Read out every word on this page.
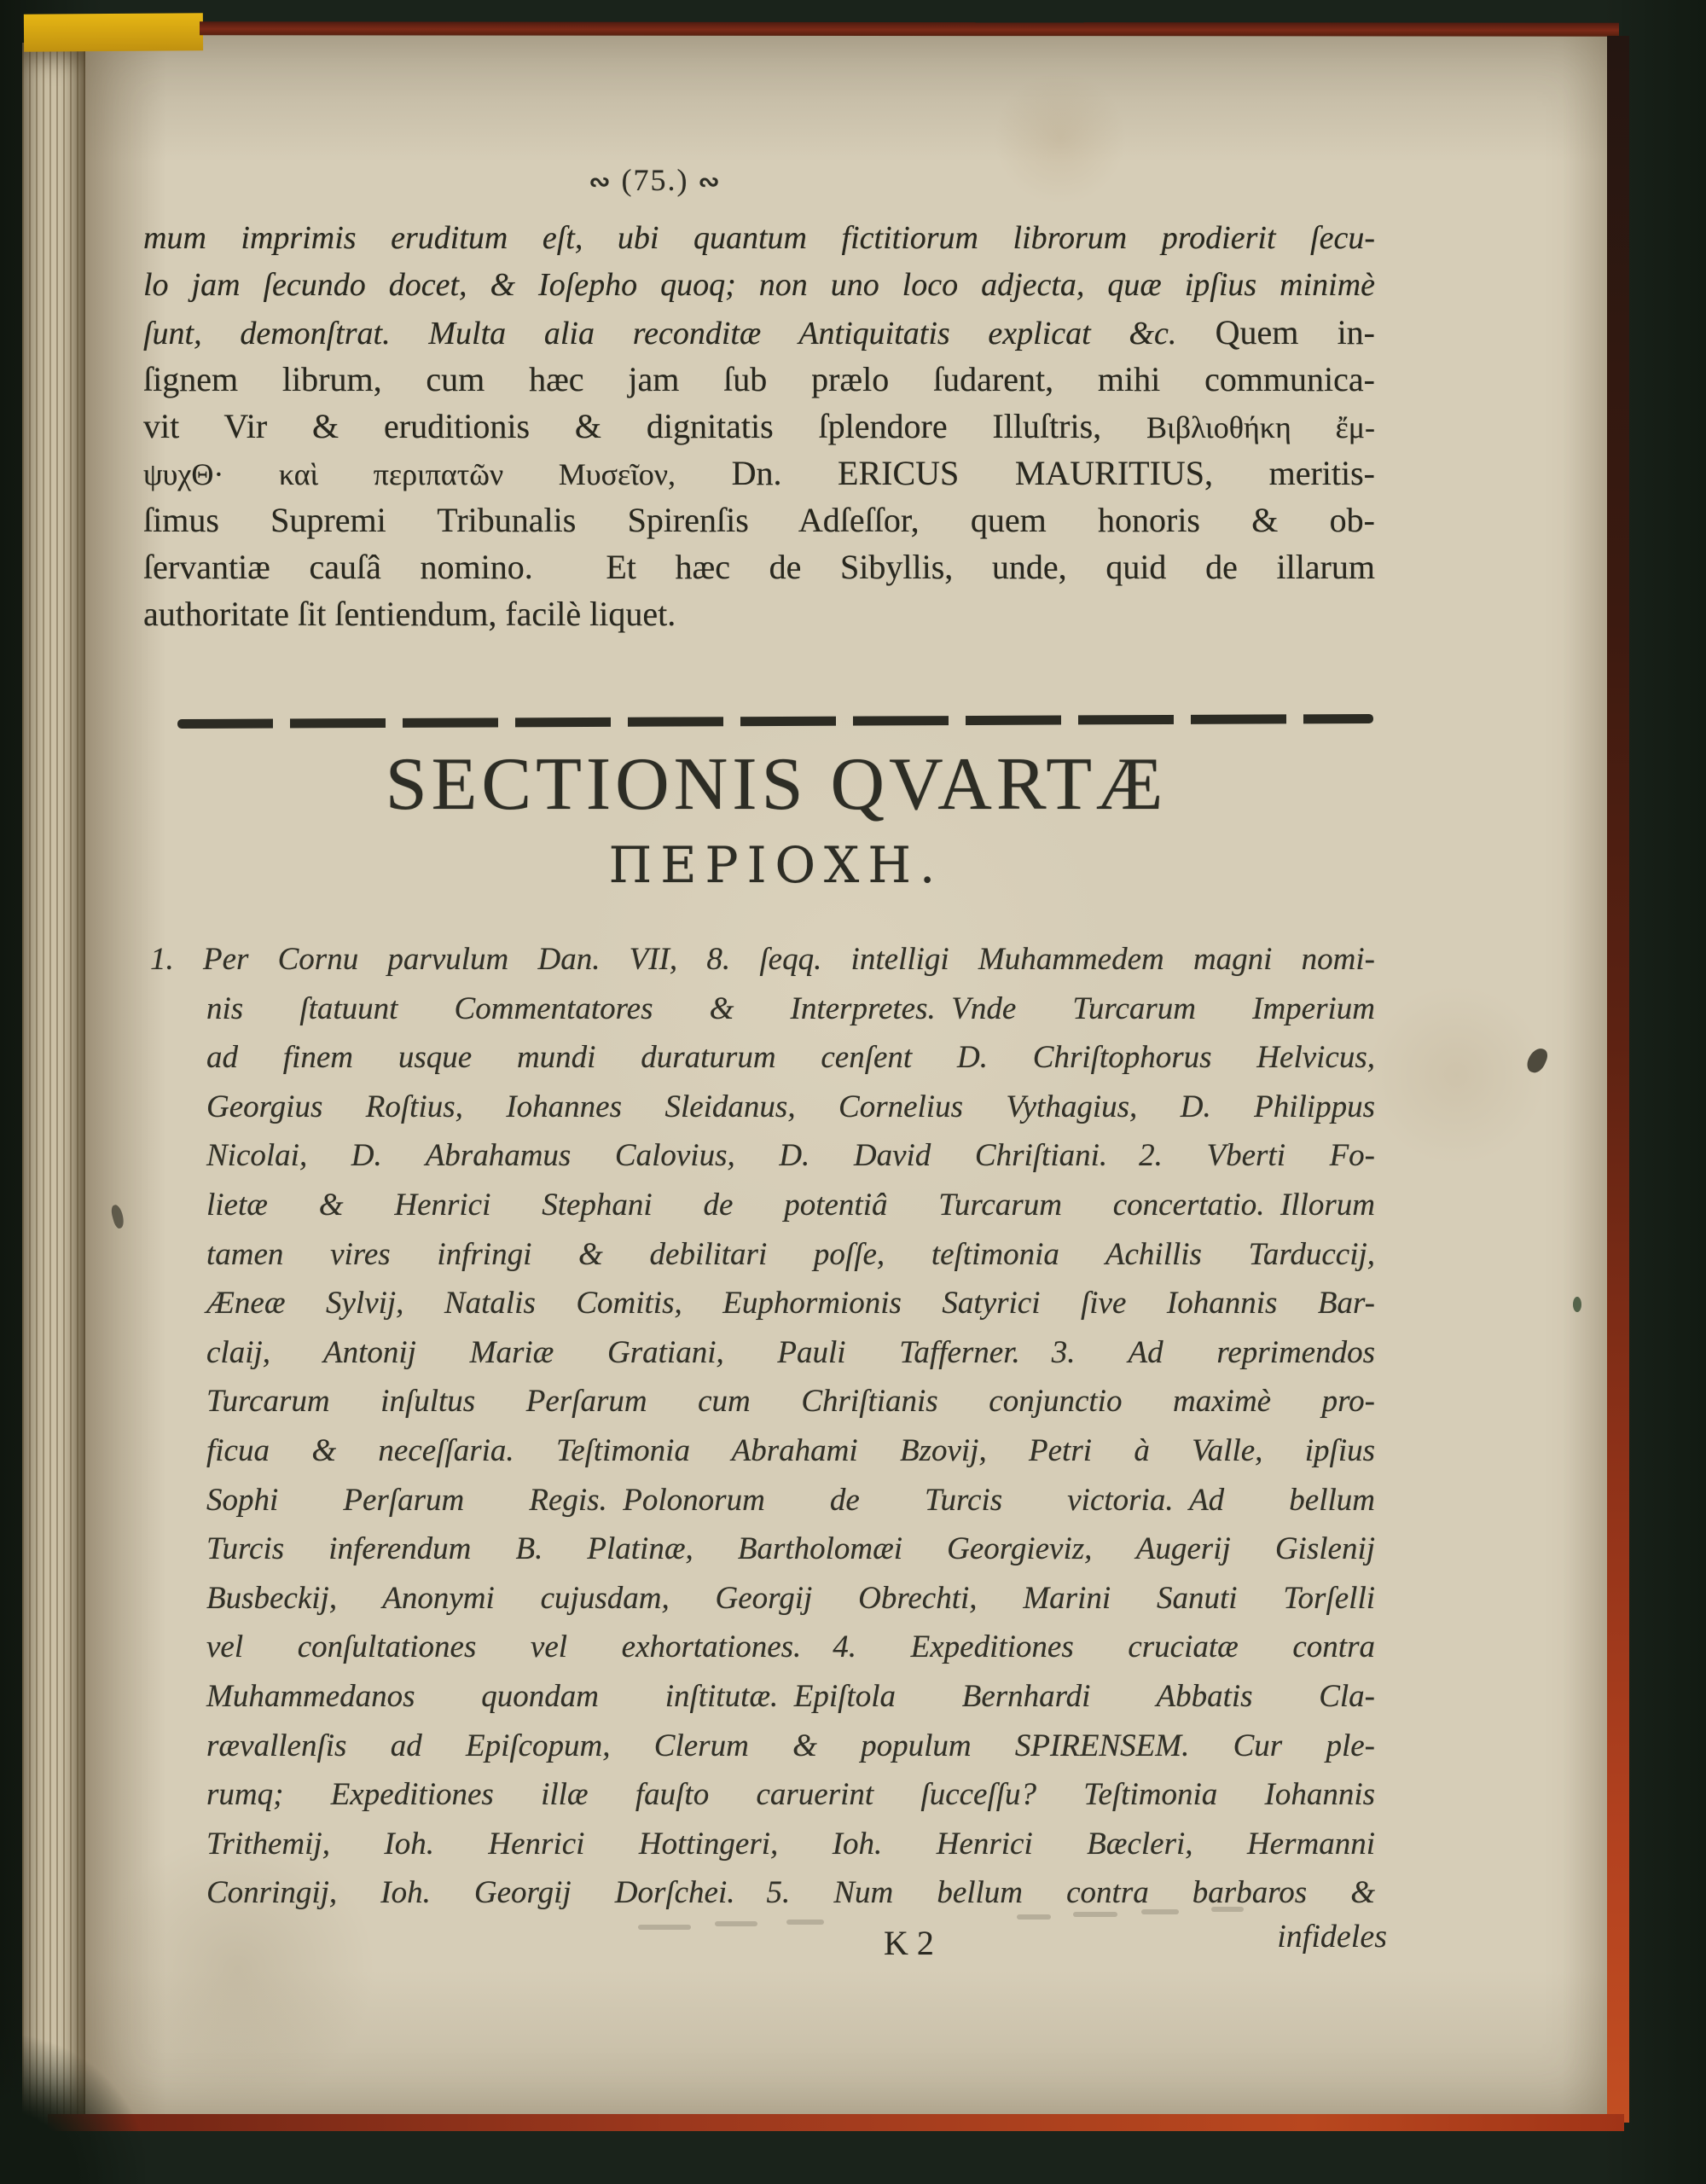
∾ (75.) ∾
mum imprimis eruditum eſt, ubi quantum fictitiorum librorum prodierit ſecu-
lo jam ſecundo docet, & Ioſepho quoq; non uno loco adjecta, quæ ipſius minimè
ſunt, demonſtrat. Multa alia reconditæ Antiquitatis explicat &c. Quem in-
ſignem librum, cum hæc jam ſub prælo ſudarent, mihi communica-
vit Vir & eruditionis & dignitatis ſplendore Illuſtris, Βιβλιοθήκη ἔμ-
ψυχΘ· καὶ περιπατῶν Μυσεῖον, Dn. ERICUS MAURITIUS, meritis-
ſimus Supremi Tribunalis Spirenſis Adſeſſor, quem honoris & ob-
ſervantiæ cauſâ nomino.  Et hæc de Sibyllis, unde, quid de illarum
authoritate ſit ſentiendum, facilè liquet.
SECTIONIS QVARTÆ
ΠΕΡΙΟΧΗ.
1. Per Cornu parvulum Dan. VII, 8. ſeqq. intelligi Muhammedem magni nomi-
nis ſtatuunt Commentatores & Interpretes. Vnde Turcarum Imperium
ad finem usque mundi duraturum cenſent D. Chriſtophorus Helvicus,
Georgius Roſtius, Iohannes Sleidanus, Cornelius Vythagius, D. Philippus
Nicolai, D. Abrahamus Calovius, D. David Chriſtiani. 2. Vberti Fo-
lietæ & Henrici Stephani de potentiâ Turcarum concertatio. Illorum
tamen vires infringi & debilitari poſſe, teſtimonia Achillis Tarduccij,
Æneæ Sylvij, Natalis Comitis, Euphormionis Satyrici ſive Iohannis Bar-
claij, Antonij Mariæ Gratiani, Pauli Tafferner. 3. Ad reprimendos
Turcarum inſultus Perſarum cum Chriſtianis conjunctio maximè pro-
ficua & neceſſaria. Teſtimonia Abrahami Bzovij, Petri à Valle, ipſius
Sophi Perſarum Regis. Polonorum de Turcis victoria. Ad bellum
Turcis inferendum B. Platinæ, Bartholomæi Georgieviz, Augerij Gislenij
Busbeckij, Anonymi cujusdam, Georgij Obrechti, Marini Sanuti Torſelli
vel conſultationes vel exhortationes. 4. Expeditiones cruciatæ contra
Muhammedanos quondam inſtitutæ. Epiſtola Bernhardi Abbatis Cla-
rævallenſis ad Epiſcopum, Clerum & populum SPIRENSEM. Cur ple-
rumq; Expeditiones illæ fauſto caruerint ſucceſſu? Teſtimonia Iohannis
Trithemij, Ioh. Henrici Hottingeri, Ioh. Henrici Bæcleri, Hermanni
Conringij, Ioh. Georgij Dorſchei. 5. Num bellum contra barbaros &
K 2	infideles
